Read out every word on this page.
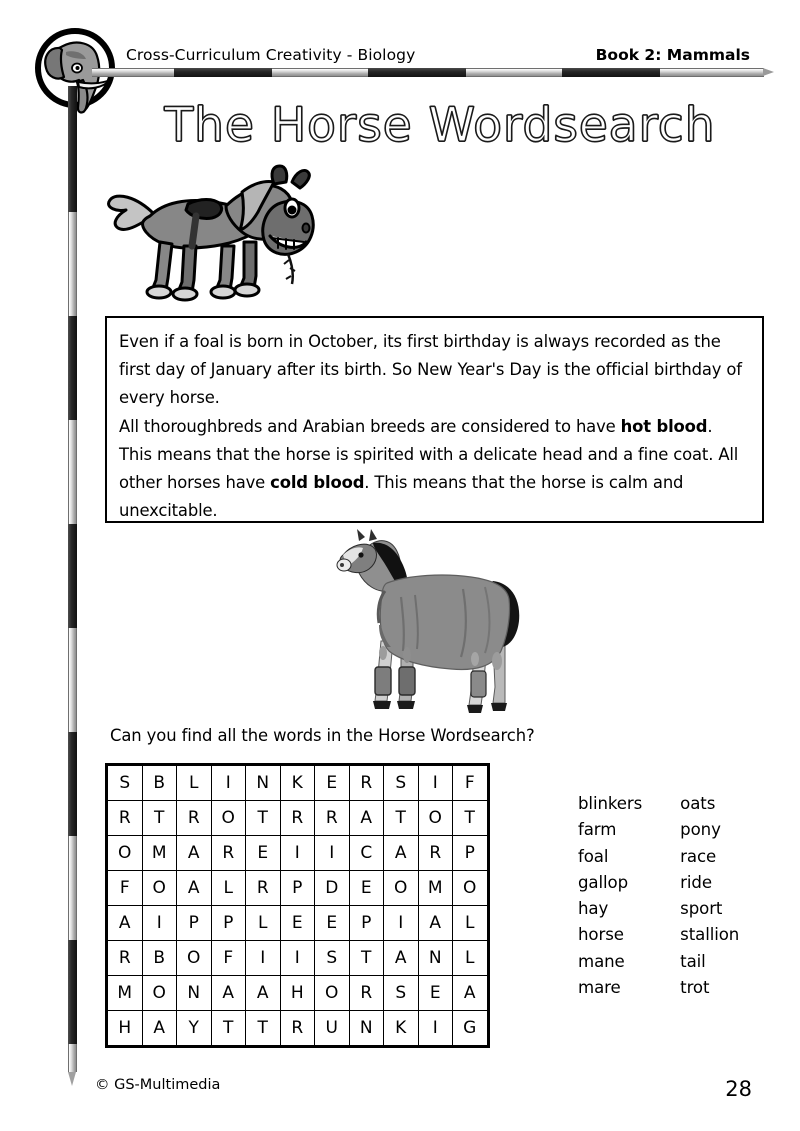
Cross-Curriculum Creativity - Biology	Book 2: Mammals
The Horse Wordsearch

Even if a foal is born in October, its first birthday is always recorded as the first day of January after its birth. So New Year's Day is the official birthday of every horse.

All thoroughbreds and Arabian breeds are considered to have hot blood. This means that the horse is spirited with a delicate head and a fine coat. All other horses have cold blood. This means that the horse is calm and unexcitable.

Can you find all the words in the Horse Wordsearch?
S	B	L	I	N	K	E	R	S	I	F
R	T	R	O	T	R	R	A	T	O	T
O	M	A	R	E	I	I	C	A	R	P
F	O	A	L	R	P	D	E	O	M	O
A	I	P	P	L	E	E	P	I	A	L
R	B	O	F	I	I	S	T	A	N	L
M	O	N	A	A	H	O	R	S	E	A
H	A	Y	T	T	R	U	N	K	I	G
blinkers
farm
foal
gallop
hay
horse
mane
mare
oats
pony
race
ride
sport
stallion
tail
trot
© GS-Multimedia	28
